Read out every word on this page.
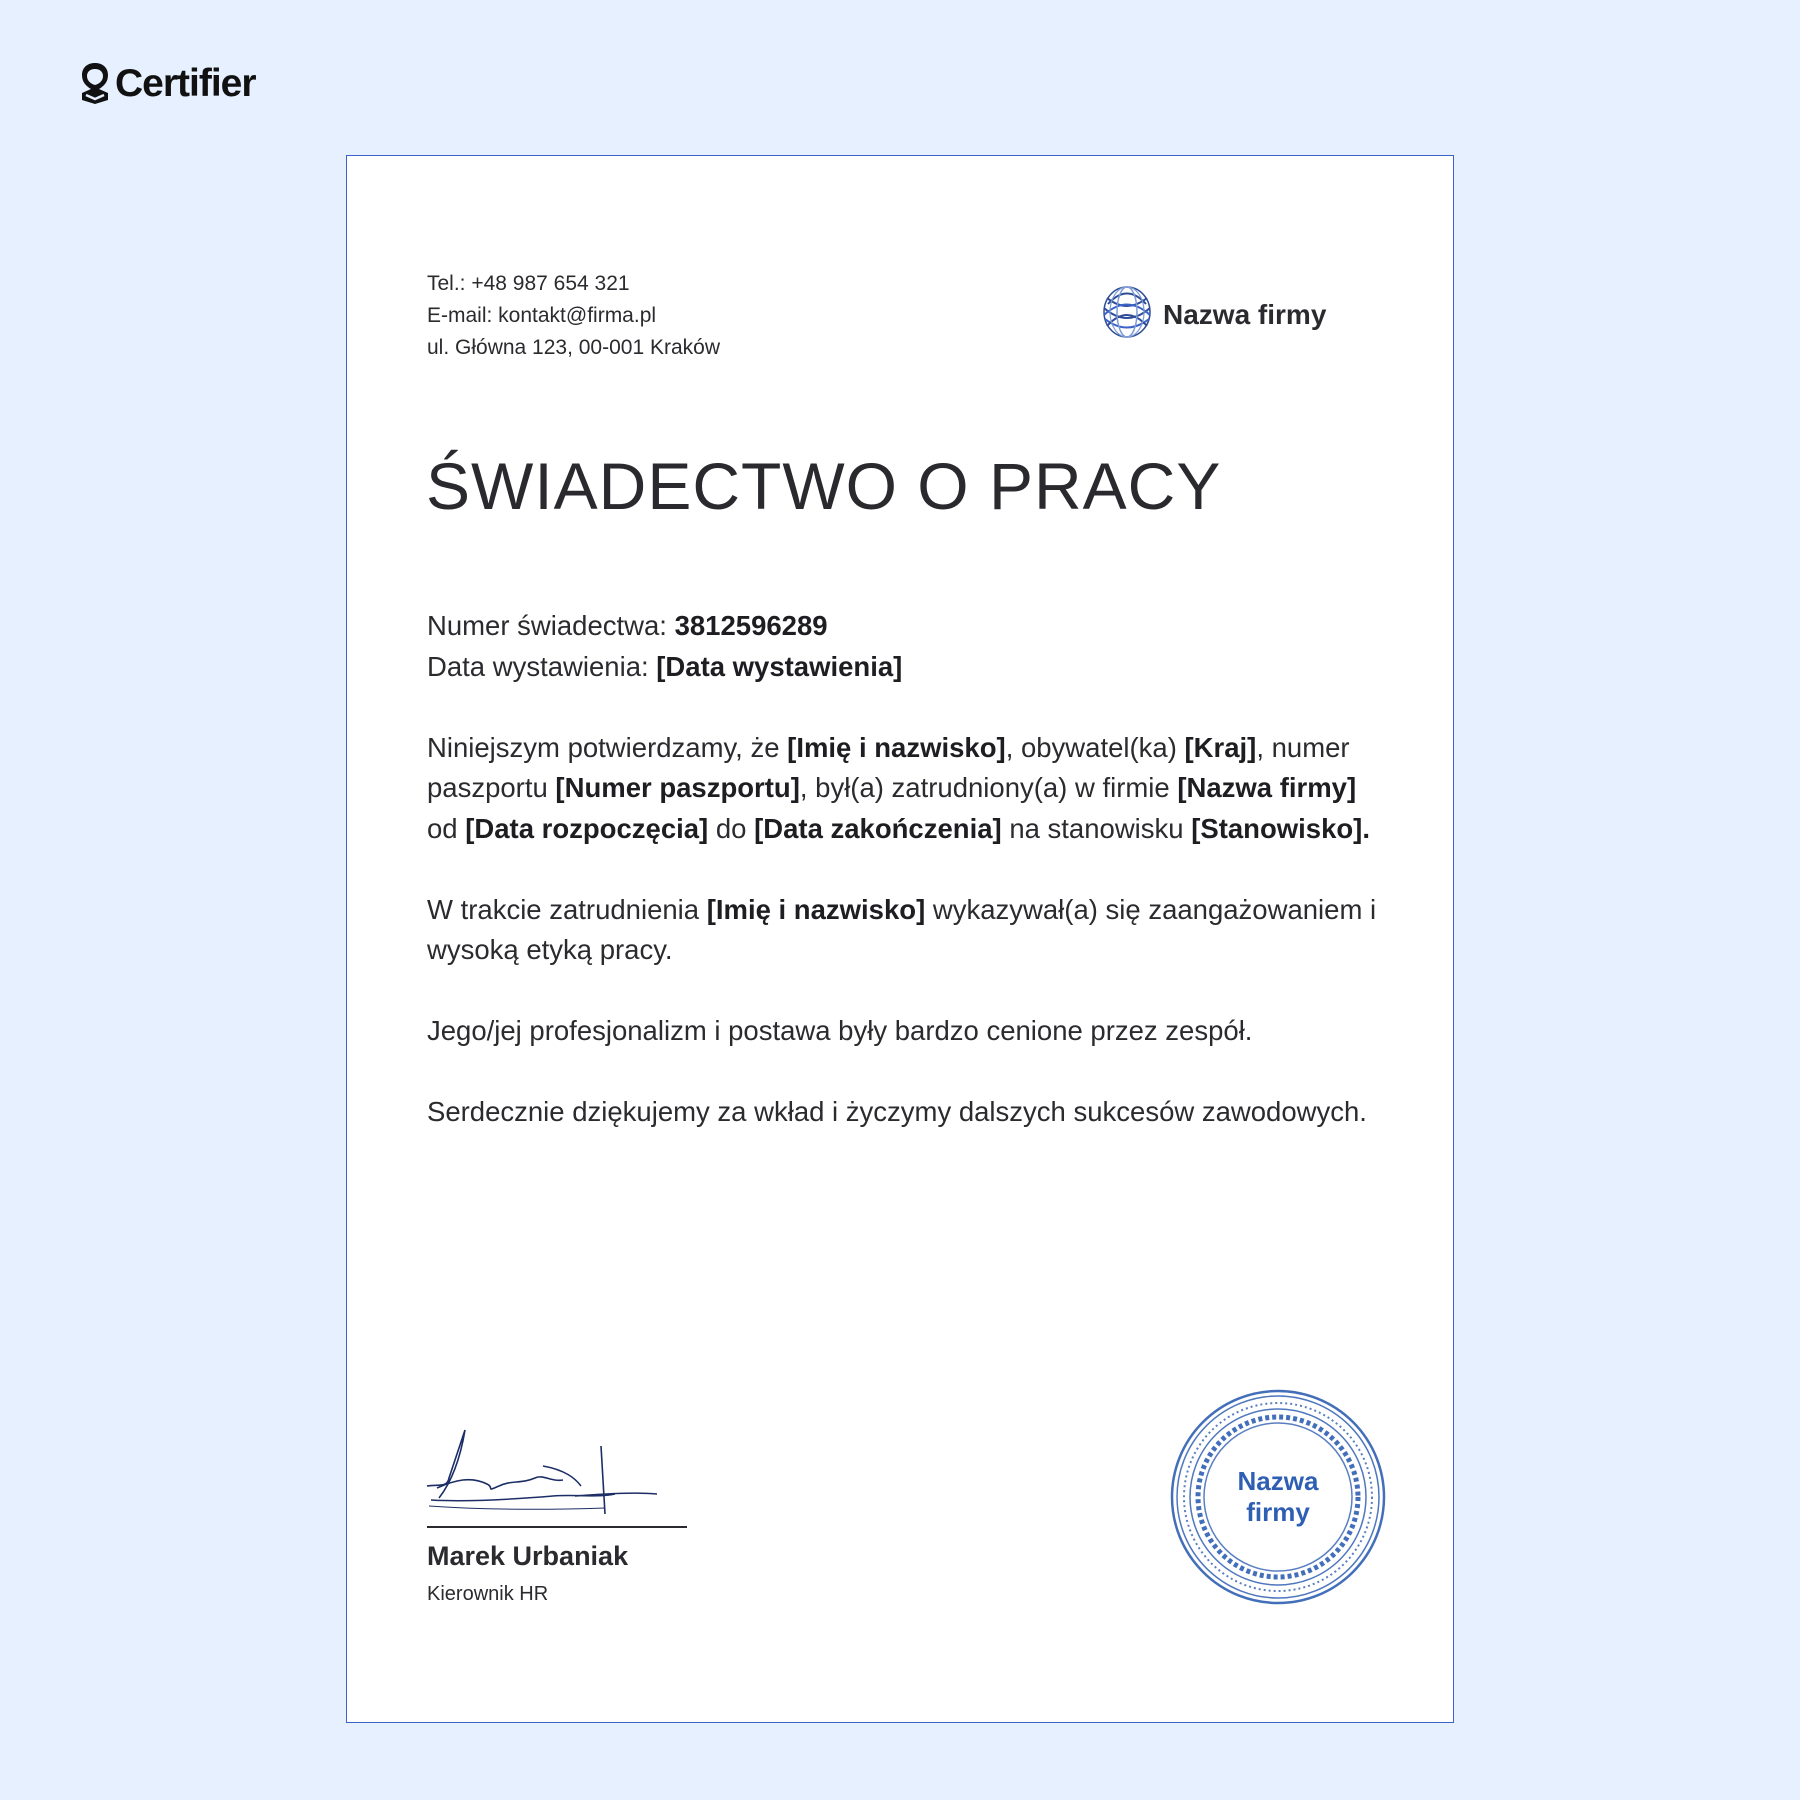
Certifier
Tel.: +48 987 654 321
E-mail: kontakt@firma.pl
ul. Główna 123, 00-001 Kraków
Nazwa firmy
ŚWIADECTWO O PRACY

Numer świadectwa: 3812596289
Data wystawienia: [Data wystawienia]

Niniejszym potwierdzamy, że [Imię i nazwisko], obywatel(ka) [Kraj], numer paszportu [Numer paszportu], był(a) zatrudniony(a) w firmie [Nazwa firmy] od [Data rozpoczęcia] do [Data zakończenia] na stanowisku [Stanowisko].

W trakcie zatrudnienia [Imię i nazwisko] wykazywał(a) się zaangażowaniem i wysoką etyką pracy.

Jego/jej profesjonalizm i postawa były bardzo cenione przez zespół.

Serdecznie dziękujemy za wkład i życzymy dalszych sukcesów zawodowych.

Marek Urbaniak
Kierownik HR
Nazwa
firmy
